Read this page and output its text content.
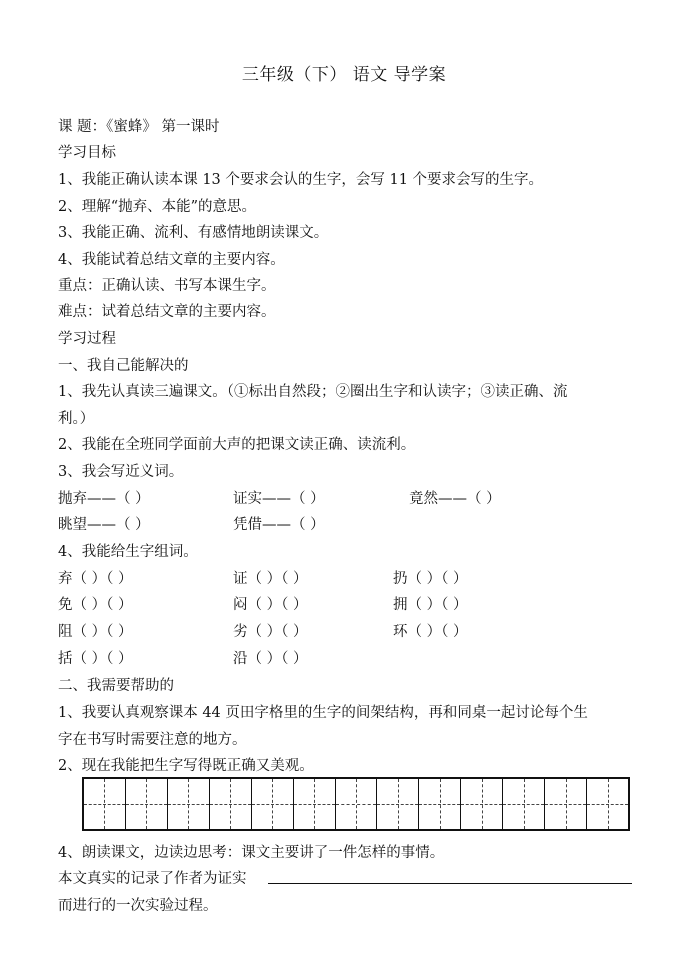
三年级（下） 语文 导学案
课 题：《蜜蜂》 第一课时
学习目标
1、我能正确认读本课 13 个要求会认的生字，会写 11 个要求会写的生字。
2、理解“抛弃、本能”的意思。
3、我能正确、流利、有感情地朗读课文。
4、我能试着总结文章的主要内容。
重点：正确认读、书写本课生字。
难点：试着总结文章的主要内容。
学习过程
一、我自己能解决的
1、我先认真读三遍课文。（①标出自然段；②圈出生字和认读字；③读正确、流
利。）
2、我能在全班同学面前大声的把课文读正确、读流利。
3、我会写近义词。
抛弃——（ ）	证实——（ ）	竟然——（ ）
眺望——（ ）	凭借——（ ）
4、我能给生字组词。
弃（ ）（ ）	证（ ）（ ）	扔（ ）（ ）
免（ ）（ ）	闷（ ）（ ）	拥（ ）（ ）
阻（ ）（ ）	劣（ ）（ ）	环（ ）（ ）
括（ ）（ ）	沿（ ）（ ）
二、我需要帮助的
1、我要认真观察课本 44 页田字格里的生字的间架结构，再和同桌一起讨论每个生
字在书写时需要注意的地方。
2、现在我能把生字写得既正确又美观。
4、朗读课文，边读边思考：课文主要讲了一件怎样的事情。
本文真实的记录了作者为证实
而进行的一次实验过程。
